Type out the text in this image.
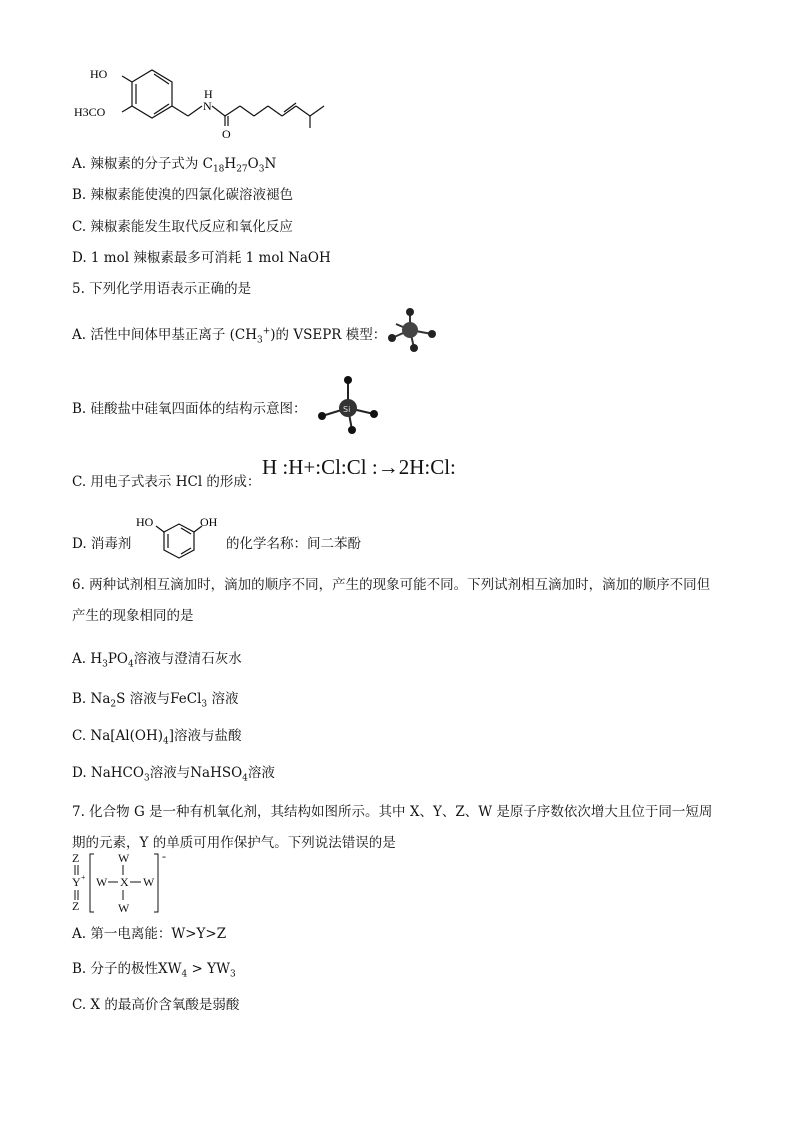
HO
H3CO	N
H
O
A. 辣椒素的分子式为 $C_{18}H_{27}O_3N$
B. 辣椒素能使溴的四氯化碳溶液褪色
C. 辣椒素能发生取代反应和氧化反应
D. 1 mol 辣椒素最多可消耗 1 mol NaOH
5. 下列化学用语表示正确的是
A. 活性中间体甲基正离子 $(CH_3^+)$的 VSEPR 模型：
B. 硅酸盐中硅氧四面体的结构示意图：	Si
C. 用电子式表示 HCl 的形成：
H :H+:Cl:Cl :→2H:Cl:
D. 消毒剂
HO	OH
的化学名称：间二苯酚
6. 两种试剂相互滴加时，滴加的顺序不同，产生的现象可能不同。下列试剂相互滴加时，滴加的顺序不同但产生的现象相同的是
A. $H_3PO_4$溶液与澄清石灰水
B. $Na_2S$ 溶液与FeCl$_3$ 溶液
C. $Na[Al(OH)_4]$溶液与盐酸
D. NaHCO$_3$溶液与NaHSO$_4$溶液
7. 化合物 G 是一种有机氧化剂，其结构如图所示。其中 X、Y、Z、W 是原子序数依次增大且位于同一短周期的元素，Y 的单质可用作保护气。下列说法错误的是
Z
Y +
Z
W
W X W
W
-
A. 第一电离能：W>Y>Z
B. 分子的极性$XW_4 > YW_3$
C. X 的最高价含氧酸是弱酸
